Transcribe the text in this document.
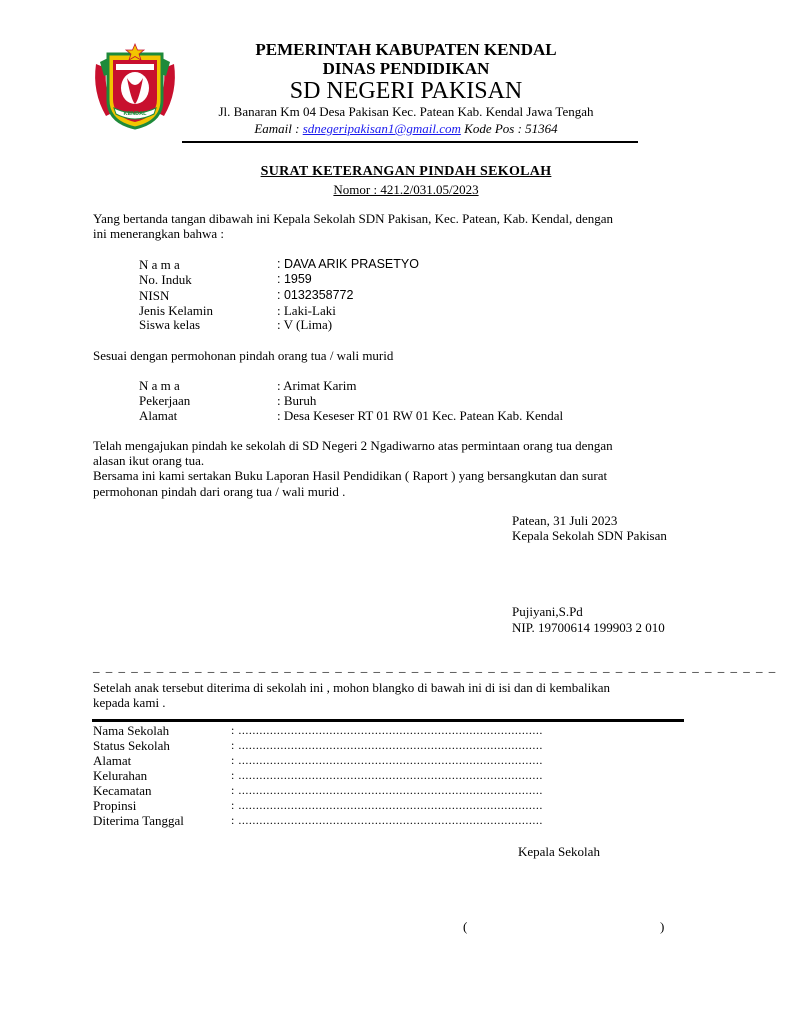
KENDAL
PEMERINTAH KABUPATEN KENDAL
DINAS PENDIDIKAN
SD NEGERI PAKISAN
Jl. Banaran Km 04 Desa Pakisan Kec. Patean Kab. Kendal Jawa Tengah
Eamail : sdnegeripakisan1@gmail.com Kode Pos : 51364
SURAT KETERANGAN PINDAH SEKOLAH
Nomor : 421.2/031.05/2023
Yang bertanda tangan dibawah ini Kepala Sekolah SDN Pakisan, Kec. Patean, Kab. Kendal, dengan
ini menerangkan bahwa :
N a m a	: DAVA ARIK PRASETYO
No. Induk	: 1959
NISN	: 0132358772
Jenis Kelamin	: Laki-Laki
Siswa kelas	: V (Lima)
Sesuai dengan permohonan pindah orang tua / wali murid
N a m a	: Arimat Karim
Pekerjaan	: Buruh
Alamat	: Desa Keseser RT 01 RW 01 Kec. Patean Kab. Kendal
Telah mengajukan pindah ke sekolah di SD Negeri 2 Ngadiwarno atas permintaan orang tua dengan
alasan ikut orang tua.
Bersama ini kami sertakan Buku Laporan Hasil Pendidikan ( Raport ) yang bersangkutan dan surat
permohonan pindah dari orang tua / wali murid .
Patean, 31 Juli 2023
Kepala Sekolah SDN Pakisan
Pujiyani,S.Pd
NIP. 19700614 199903 2 010
_ _ _ _ _ _ _ _ _ _ _ _ _ _ _ _ _ _ _ _ _ _ _ _ _ _ _ _ _ _ _ _ _ _ _ _ _ _ _ _ _ _ _ _ _ _ _ _ _ _ _ _ _ _
Setelah anak tersebut diterima di sekolah ini , mohon blangko di bawah ini di isi dan di kembalikan
kepada kami .
Nama Sekolah	: .......................................................................................
Status Sekolah	: .......................................................................................
Alamat	: .......................................................................................
Kelurahan	: .......................................................................................
Kecamatan	: .......................................................................................
Propinsi	: .......................................................................................
Diterima Tanggal	: .......................................................................................
Kepala Sekolah
(	)
